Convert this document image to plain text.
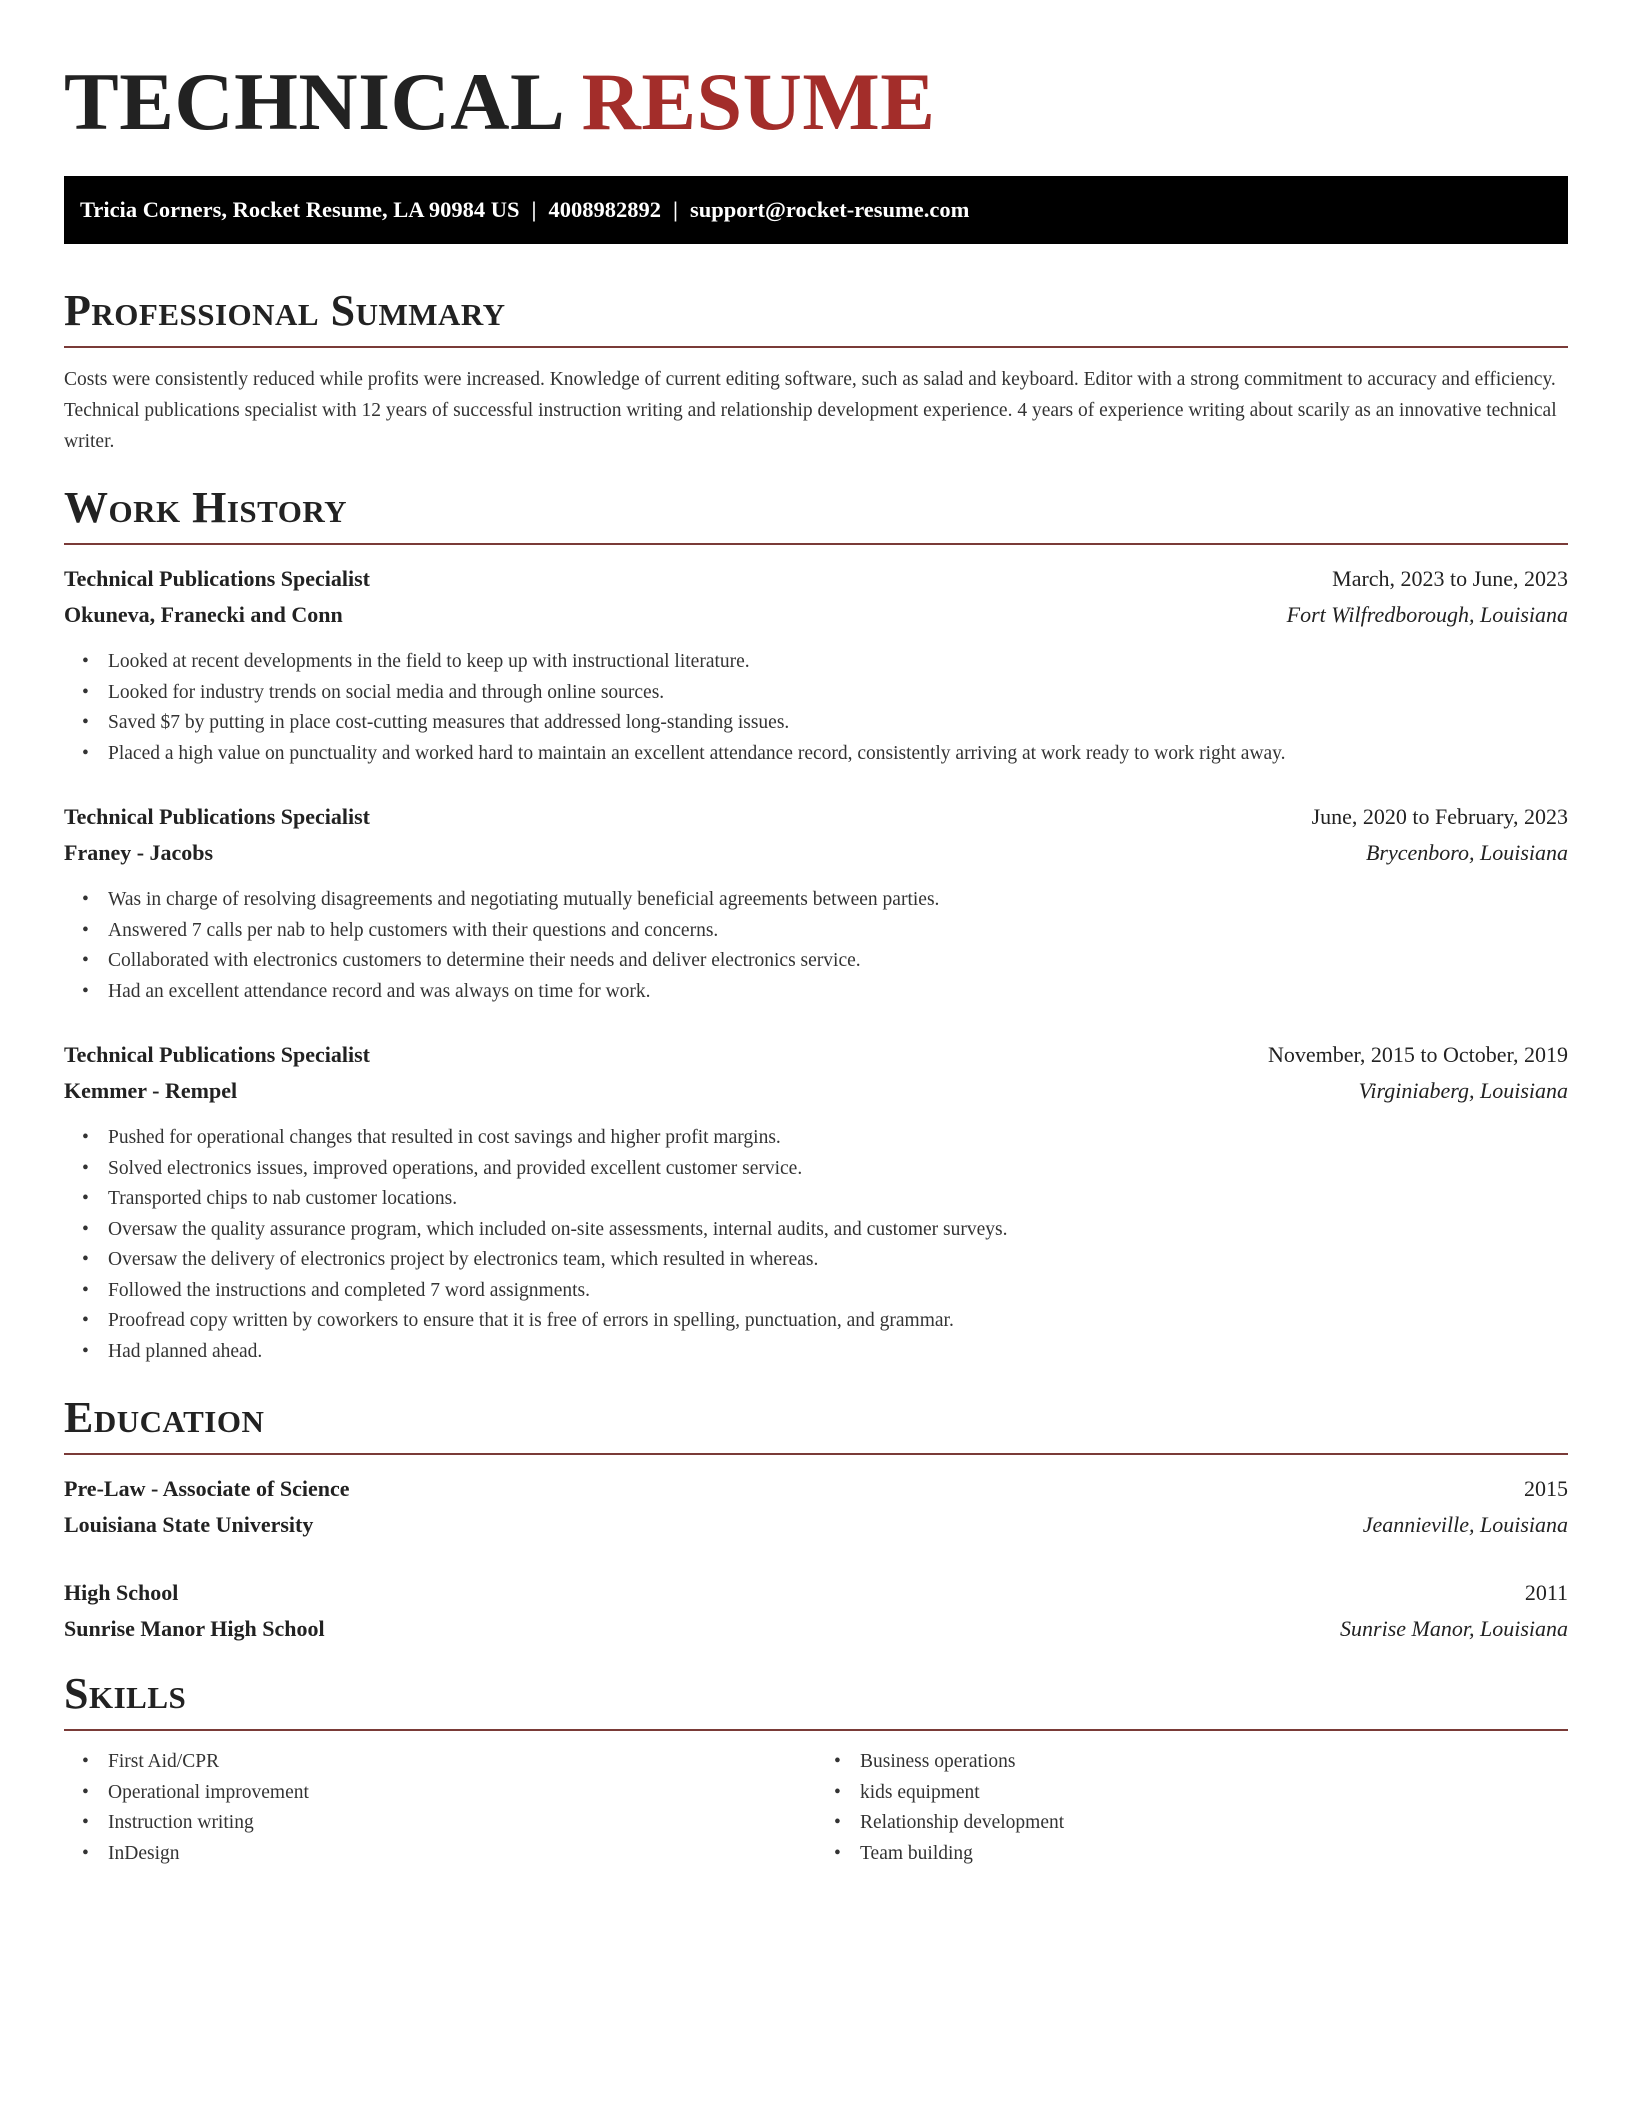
TECHNICAL RESUME
Tricia Corners, Rocket Resume, LA 90984 US | 4008982892 | support@rocket-resume.com
Professional Summary

Costs were consistently reduced while profits were increased. Knowledge of current editing software, such as salad and keyboard. Editor with a strong commitment to accuracy and efficiency. Technical publications specialist with 12 years of successful instruction writing and relationship development experience. 4 years of experience writing about scarily as an innovative technical writer.

Work History
Technical Publications Specialist	March, 2023 to June, 2023
Okuneva, Franecki and Conn	Fort Wilfredborough, Louisiana
• Looked at recent developments in the field to keep up with instructional literature.
• Looked for industry trends on social media and through online sources.
• Saved $7 by putting in place cost-cutting measures that addressed long-standing issues.
• Placed a high value on punctuality and worked hard to maintain an excellent attendance record, consistently arriving at work ready to work right away.
Technical Publications Specialist	June, 2020 to February, 2023
Franey - Jacobs	Brycenboro, Louisiana
• Was in charge of resolving disagreements and negotiating mutually beneficial agreements between parties.
• Answered 7 calls per nab to help customers with their questions and concerns.
• Collaborated with electronics customers to determine their needs and deliver electronics service.
• Had an excellent attendance record and was always on time for work.
Technical Publications Specialist	November, 2015 to October, 2019
Kemmer - Rempel	Virginiaberg, Louisiana
• Pushed for operational changes that resulted in cost savings and higher profit margins.
• Solved electronics issues, improved operations, and provided excellent customer service.
• Transported chips to nab customer locations.
• Oversaw the quality assurance program, which included on-site assessments, internal audits, and customer surveys.
• Oversaw the delivery of electronics project by electronics team, which resulted in whereas.
• Followed the instructions and completed 7 word assignments.
• Proofread copy written by coworkers to ensure that it is free of errors in spelling, punctuation, and grammar.
• Had planned ahead.
Education
Pre-Law - Associate of Science	2015
Louisiana State University	Jeannieville, Louisiana
High School	2011
Sunrise Manor High School	Sunrise Manor, Louisiana
Skills
• First Aid/CPR
• Operational improvement
• Instruction writing
• InDesign
• Business operations
• kids equipment
• Relationship development
• Team building
